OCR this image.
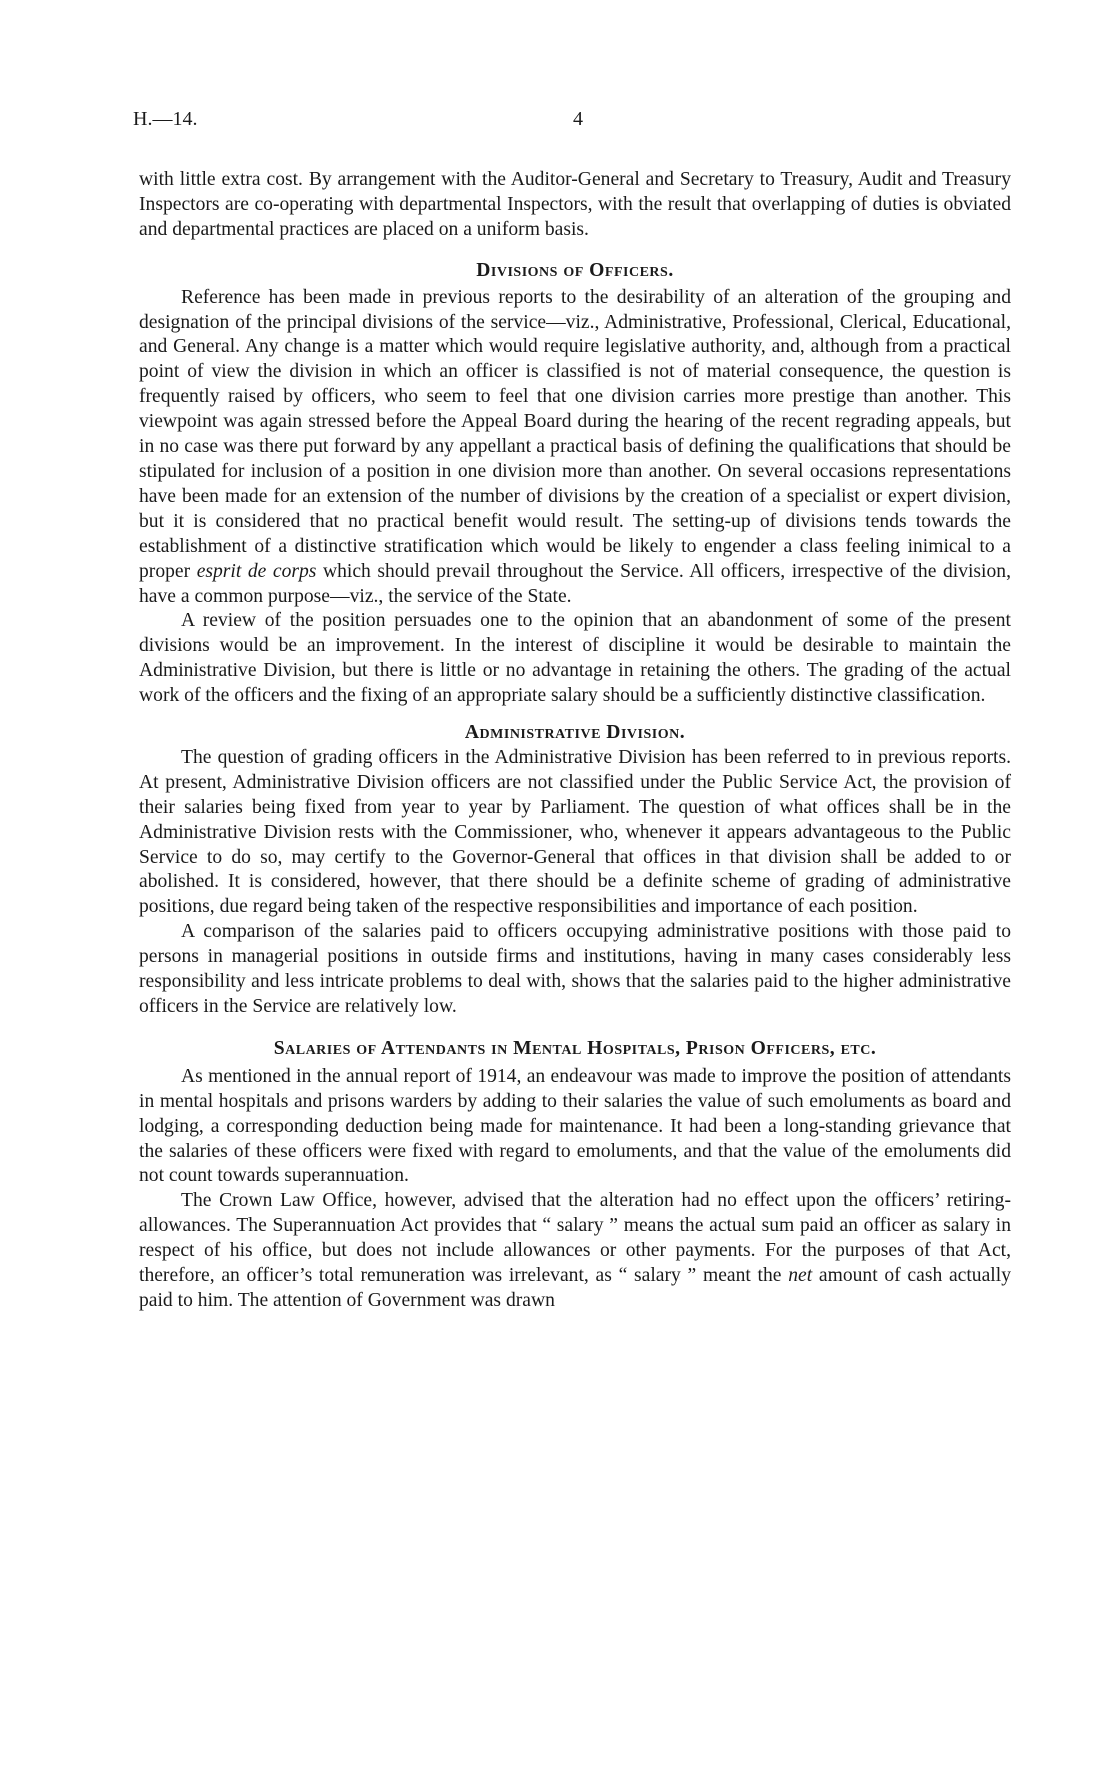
H.—14.	4

with little extra cost. By arrangement with the Auditor-General and Secretary to Treasury, Audit and Treasury Inspectors are co-operating with departmental Inspectors, with the result that overlapping of duties is obviated and departmental practices are placed on a uniform basis.

Divisions of Officers.

Reference has been made in previous reports to the desirability of an alteration of the grouping and designation of the principal divisions of the service—viz., Administrative, Professional, Clerical, Educational, and General. Any change is a matter which would require legislative authority, and, although from a practical point of view the division in which an officer is classified is not of material consequence, the question is frequently raised by officers, who seem to feel that one division carries more prestige than another. This viewpoint was again stressed before the Appeal Board during the hearing of the recent regrading appeals, but in no case was there put forward by any appellant a practical basis of defining the qualifications that should be stipulated for inclusion of a position in one division more than another. On several occasions representations have been made for an extension of the number of divisions by the creation of a specialist or expert division, but it is considered that no practical benefit would result. The setting-up of divisions tends towards the establishment of a distinctive stratification which would be likely to engender a class feeling inimical to a proper esprit de corps which should prevail throughout the Service. All officers, irrespective of the division, have a common purpose—viz., the service of the State.

A review of the position persuades one to the opinion that an abandonment of some of the present divisions would be an improvement. In the interest of discipline it would be desirable to maintain the Administrative Division, but there is little or no advantage in retaining the others. The grading of the actual work of the officers and the fixing of an appropriate salary should be a sufficiently distinctive classification.

Administrative Division.

The question of grading officers in the Administrative Division has been referred to in previous reports. At present, Administrative Division officers are not classified under the Public Service Act, the provision of their salaries being fixed from year to year by Parliament. The question of what offices shall be in the Administrative Division rests with the Commissioner, who, whenever it appears advantageous to the Public Service to do so, may certify to the Governor-General that offices in that division shall be added to or abolished. It is considered, however, that there should be a definite scheme of grading of administrative positions, due regard being taken of the respective responsibilities and importance of each position.

A comparison of the salaries paid to officers occupying administrative positions with those paid to persons in managerial positions in outside firms and institutions, having in many cases considerably less responsibility and less intricate problems to deal with, shows that the salaries paid to the higher administrative officers in the Service are relatively low.

Salaries of Attendants in Mental Hospitals, Prison Officers, etc.

As mentioned in the annual report of 1914, an endeavour was made to improve the position of attendants in mental hospitals and prisons warders by adding to their salaries the value of such emoluments as board and lodging, a corresponding deduction being made for maintenance. It had been a long-standing grievance that the salaries of these officers were fixed with regard to emoluments, and that the value of the emoluments did not count towards superannuation.

The Crown Law Office, however, advised that the alteration had no effect upon the officers’ retiring-allowances. The Superannuation Act provides that “ salary ” means the actual sum paid an officer as salary in respect of his office, but does not include allowances or other payments. For the purposes of that Act, therefore, an officer’s total remuneration was irrelevant, as “ salary ” meant the net amount of cash actually paid to him. The attention of Government was drawn
